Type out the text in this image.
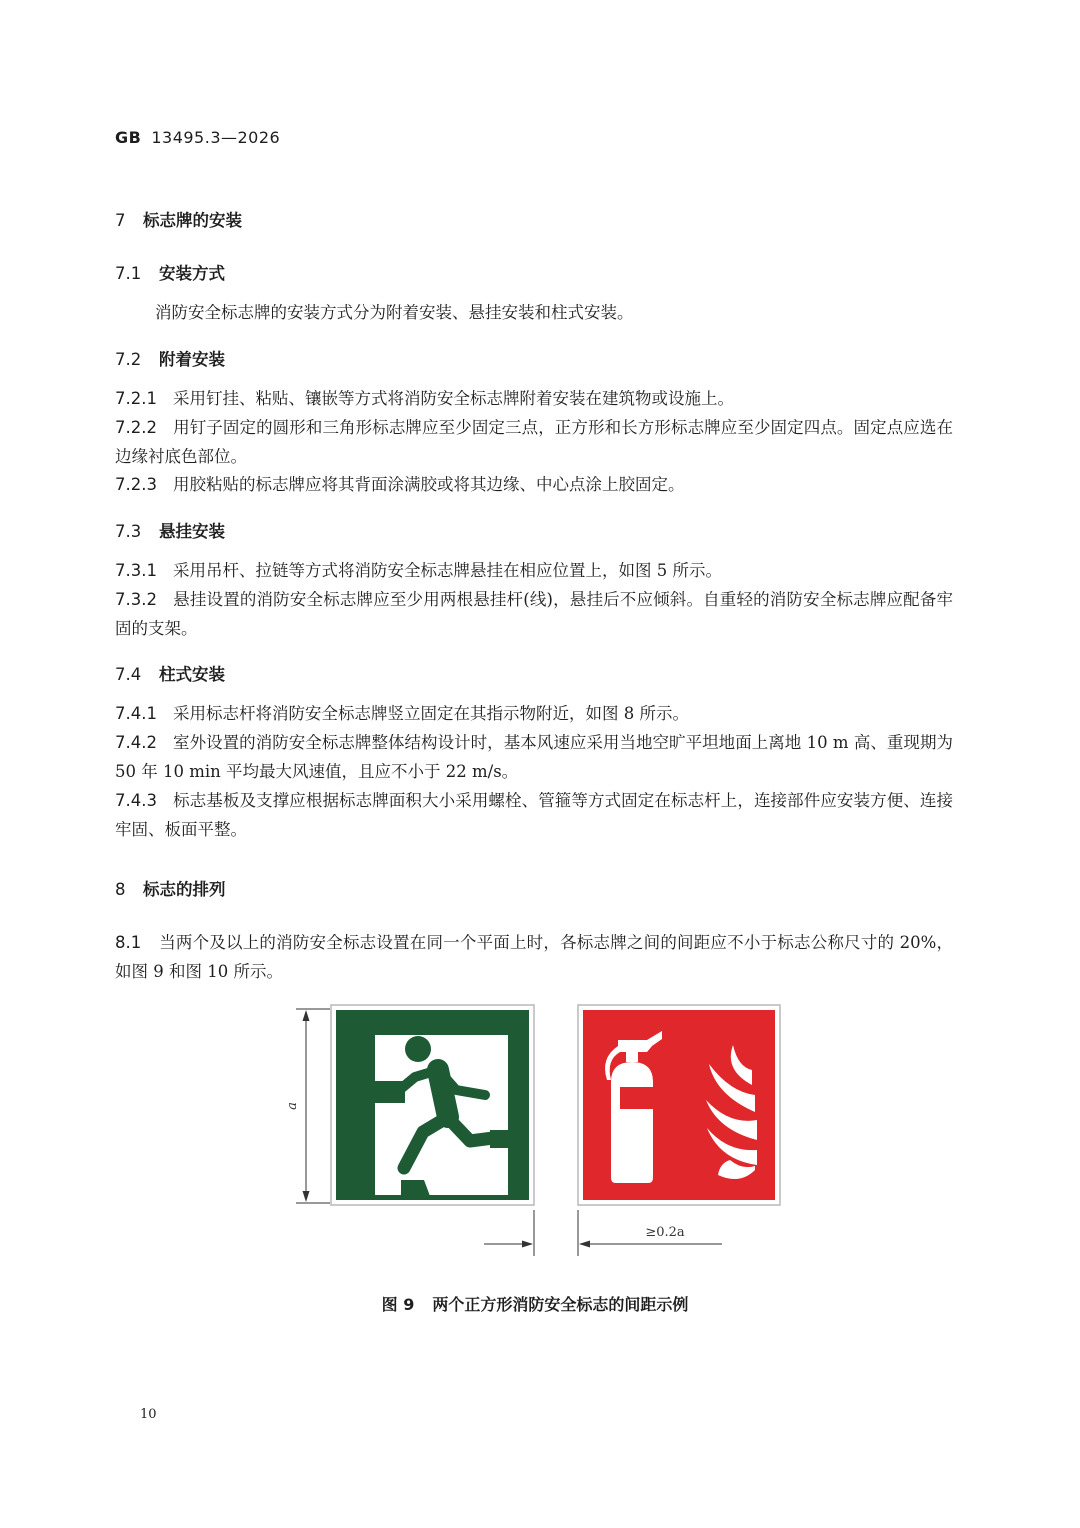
GB 13495.3—2026
7 标志牌的安装
7.1 安装方式
消防安全标志牌的安装方式分为附着安装、悬挂安装和柱式安装。
7.2 附着安装
7.2.1 采用钉挂、粘贴、镶嵌等方式将消防安全标志牌附着安装在建筑物或设施上。
7.2.2 用钉子固定的圆形和三角形标志牌应至少固定三点，正方形和长方形标志牌应至少固定四点。固定点应选在边缘衬底色部位。
7.2.3 用胶粘贴的标志牌应将其背面涂满胶或将其边缘、中心点涂上胶固定。
7.3 悬挂安装
7.3.1 采用吊杆、拉链等方式将消防安全标志牌悬挂在相应位置上，如图 5 所示。
7.3.2 悬挂设置的消防安全标志牌应至少用两根悬挂杆(线)，悬挂后不应倾斜。自重轻的消防安全标志牌应配备牢固的支架。
7.4 柱式安装
7.4.1 采用标志杆将消防安全标志牌竖立固定在其指示物附近，如图 8 所示。
7.4.2 室外设置的消防安全标志牌整体结构设计时，基本风速应采用当地空旷平坦地面上离地 10 m 高、重现期为 50 年 10 min 平均最大风速值，且应不小于 22 m/s。
7.4.3 标志基板及支撑应根据标志牌面积大小采用螺栓、管箍等方式固定在标志杆上，连接部件应安装方便、连接牢固、板面平整。
8 标志的排列
8.1 当两个及以上的消防安全标志设置在同一个平面上时，各标志牌之间的间距应不小于标志公称尺寸的 20%，如图 9 和图 10 所示。
a
≥0.2a
图 9 两个正方形消防安全标志的间距示例
10
